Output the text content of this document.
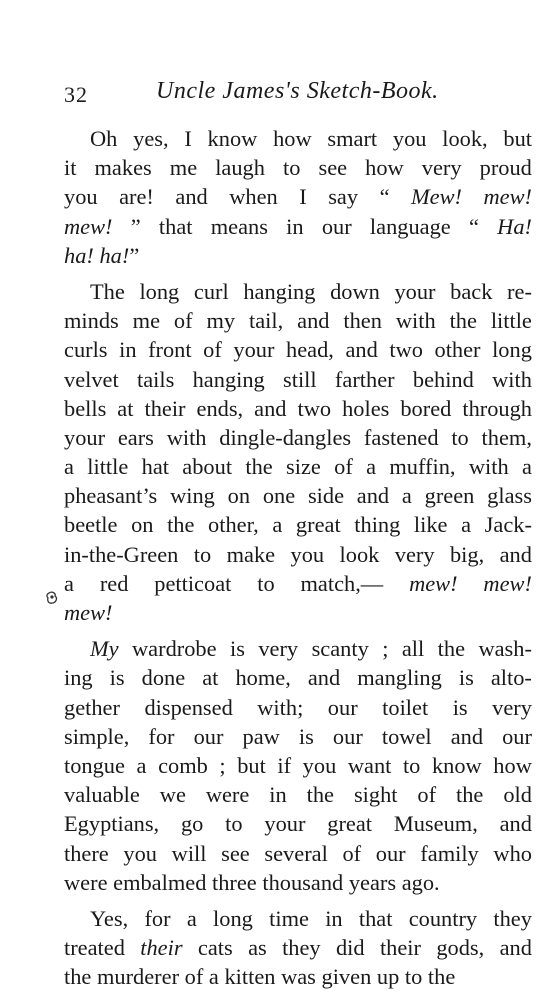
32	Uncle James's Sketch-Book.
Oh yes, I know how smart you look, but
it makes me laugh to see how very proud
you are! and when I say “ Mew! mew!
mew! ” that means in our language “ Ha!
ha!
ha! ”
The long curl hanging down your back re-
minds me of my tail, and then with the little
curls in front of your head, and two other long
velvet tails hanging still farther behind with
bells at their ends, and two holes bored through
your ears with dingle-dangles fastened to them,
a little hat about the size of a muffin, with a
pheasant’s wing on one side and a green glass
beetle on the other, a great thing like a Jack-
in-the-Green to make you look very big, and
a red petticoat to match,— mew! mew!
mew!
My wardrobe is very scanty ; all the wash-
ing is done at home, and mangling is alto-
gether dispensed with; our toilet is very
simple, for our paw is our towel and our
tongue a comb ; but if you want to know how
valuable we were in the sight of the old
Egyptians, go to your great Museum, and
there you will see several of our family who
were
embalmed
three
thousand
years
ago.
Yes, for a long time in that country they
treated their cats as they did their gods, and
the
murderer
of
a
kitten
was
given
up
to
the
